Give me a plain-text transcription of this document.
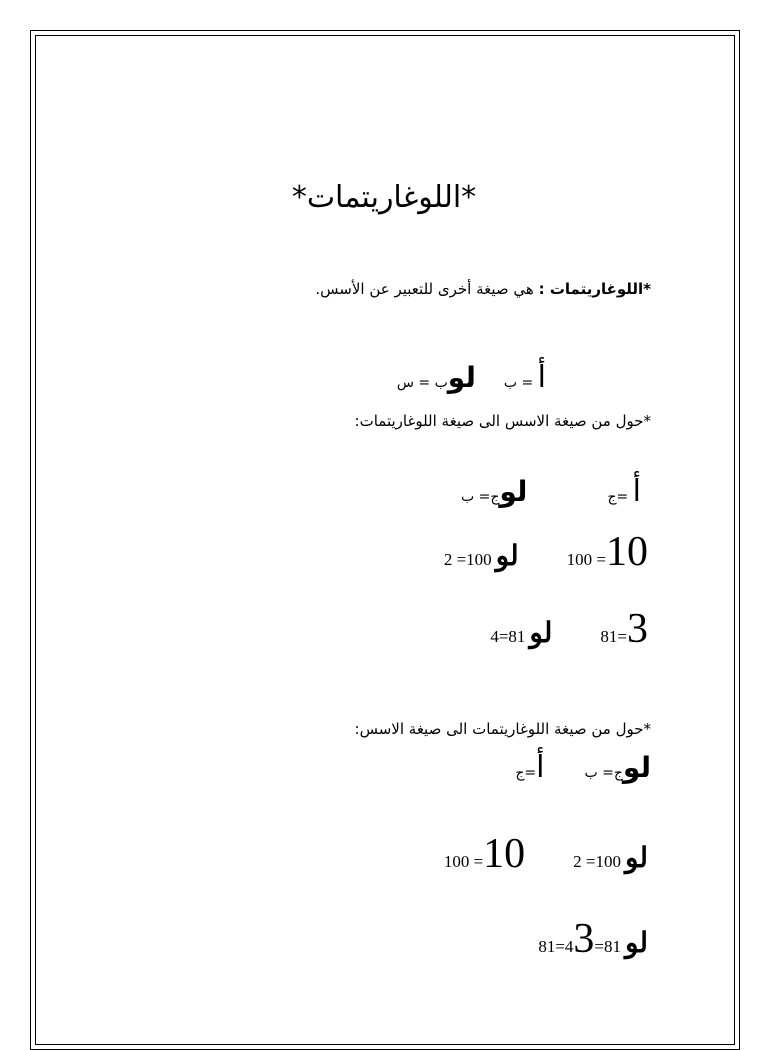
*اللوغاريتمات*
*اللوغاريتمات : هي صيغة أخرى للتعبير عن الأسس.
أ = بلوب = س
*حول من صيغة الاسس الى صيغة اللوغاريتمات:
أ =جلوج= ب
10= 100  لو 100= 2
3=81  لو 81=4
*حول من صيغة اللوغاريتمات الى صيغة الاسس:
لوج= بأ=ج
لو 100= 2  10= 100
لو 81=43=81
